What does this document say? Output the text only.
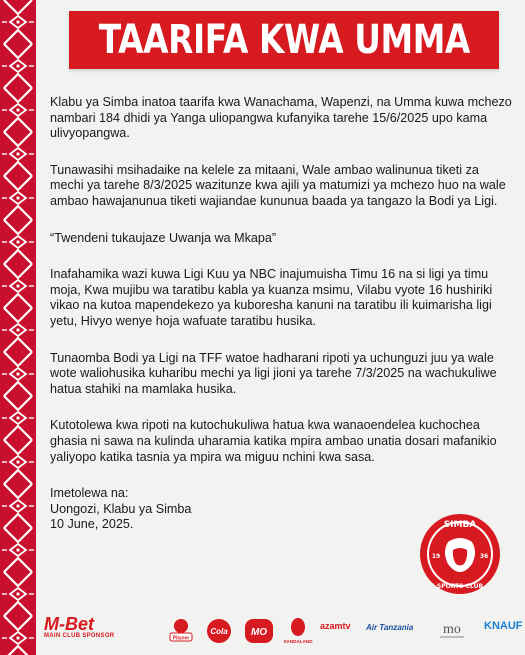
TAARIFA KWA UMMA

Klabu ya Simba inatoa taarifa kwa Wanachama, Wapenzi, na Umma kuwa mchezo nambari 184 dhidi ya Yanga uliopangwa kufanyika tarehe 15/6/2025 upo kama ulivyopangwa.

Tunawasihi msihadaike na kelele za mitaani, Wale ambao walinunua tiketi za mechi ya tarehe 8/3/2025 wazitunze kwa ajili ya matumizi ya mchezo huo na wale ambao hawajanunua tiketi wajiandae kununua baada ya tangazo la Bodi ya Ligi.

“Twendeni tukaujaze Uwanja wa Mkapa”

Inafahamika wazi kuwa Ligi Kuu ya NBC inajumuisha Timu 16 na si ligi ya timu moja, Kwa mujibu wa taratibu kabla ya kuanza msimu, Vilabu vyote 16 hushiriki vikao na kutoa mapendekezo ya kuboresha kanuni na taratibu ili kuimarisha ligi yetu, Hivyo wenye hoja wafuate taratibu husika.

Tunaomba Bodi ya Ligi na TFF watoe hadharani ripoti ya uchunguzi juu ya wale wote waliohusika kuharibu mechi ya ligi jioni ya tarehe 7/3/2025 na wachukuliwe hatua stahiki na mamlaka husika.

Kutotolewa kwa ripoti na kutochukuliwa hatua kwa wanaoendelea kuchochea ghasia ni sawa na kulinda uharamia katika mpira ambao unatia dosari mafanikio yaliyopo katika tasnia ya mpira wa miguu nchini kwa sasa.

Imetolewa na:
Uongozi, Klabu ya Simba
10 June, 2025.	SIMBA
19	36
SPORTS CLUB
M-Bet
MAIN CLUB SPONSOR	Pilsner
Cola MO
SANDALAND
azamtv Air Tanzania mo KNAUF
